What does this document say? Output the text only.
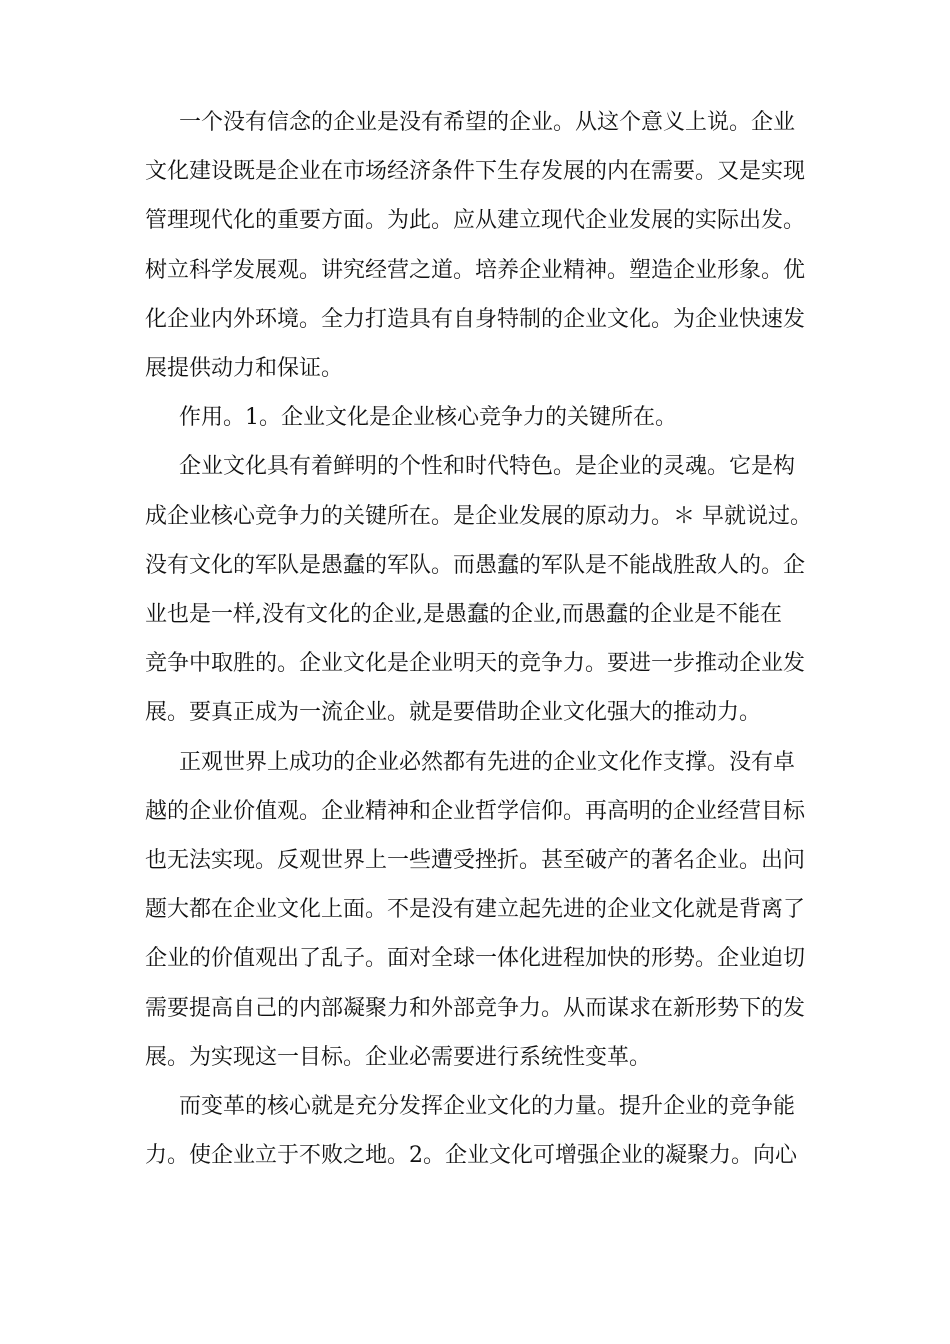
一个没有信念的企业是没有希望的企业。从这个意义上说。企业
文化建设既是企业在市场经济条件下生存发展的内在需要。又是实现
管理现代化的重要方面。为此。应从建立现代企业发展的实际出发。
树立科学发展观。讲究经营之道。培养企业精神。塑造企业形象。优
化企业内外环境。全力打造具有自身特制的企业文化。为企业快速发
展提供动力和保证。
作用。1。企业文化是企业核心竞争力的关键所在。
企业文化具有着鲜明的个性和时代特色。是企业的灵魂。它是构
成企业核心竞争力的关键所在。是企业发展的原动力。＊ 早就说过。
没有文化的军队是愚蠢的军队。而愚蠢的军队是不能战胜敌人的。企
业也是一样,没有文化的企业,是愚蠢的企业,而愚蠢的企业是不能在
竞争中取胜的。企业文化是企业明天的竞争力。要进一步推动企业发
展。要真正成为一流企业。就是要借助企业文化强大的推动力。
正观世界上成功的企业必然都有先进的企业文化作支撑。没有卓
越的企业价值观。企业精神和企业哲学信仰。再高明的企业经营目标
也无法实现。反观世界上一些遭受挫折。甚至破产的著名企业。出问
题大都在企业文化上面。不是没有建立起先进的企业文化就是背离了
企业的价值观出了乱子。面对全球一体化进程加快的形势。企业迫切
需要提高自己的内部凝聚力和外部竞争力。从而谋求在新形势下的发
展。为实现这一目标。企业必需要进行系统性变革。
而变革的核心就是充分发挥企业文化的力量。提升企业的竞争能
力。使企业立于不败之地。2。企业文化可增强企业的凝聚力。向心
